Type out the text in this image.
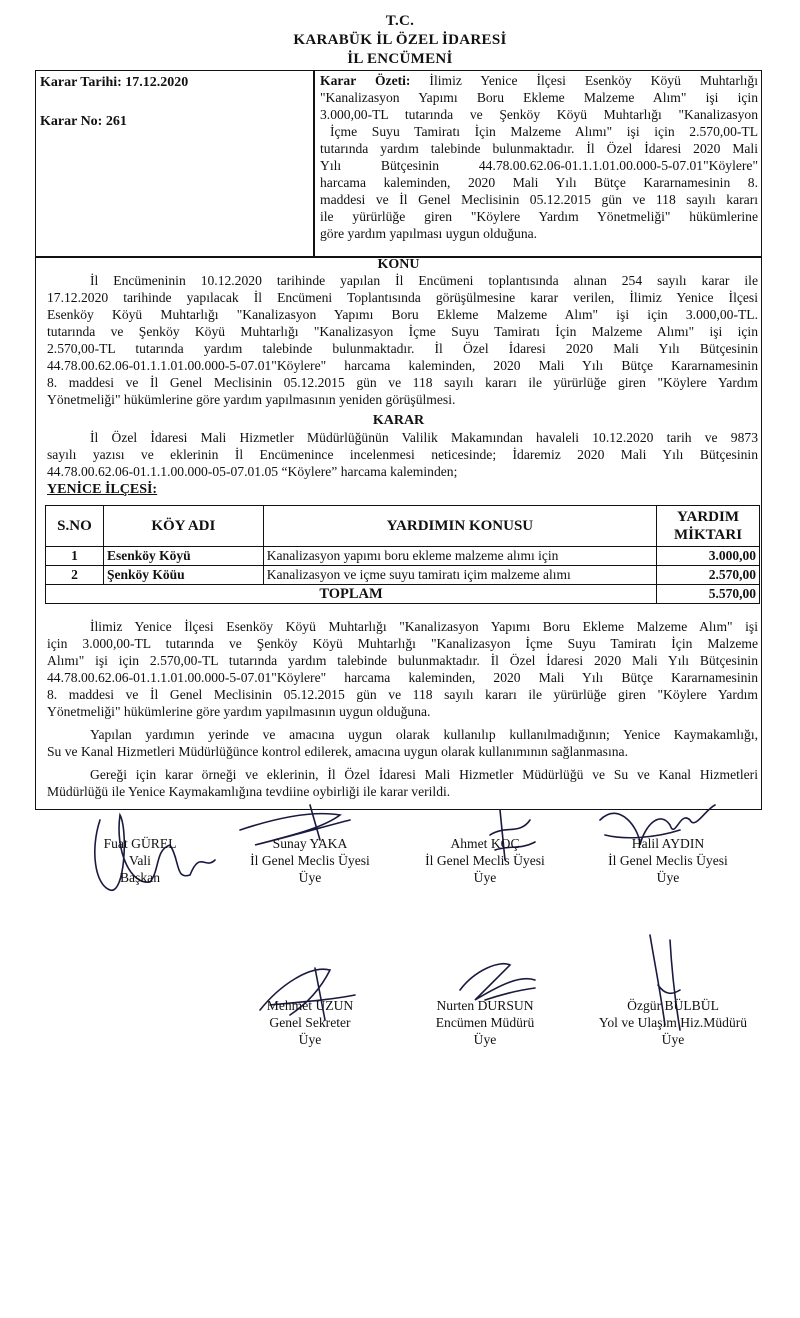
T.C.
KARABÜK İL ÖZEL İDARESİ
İL ENCÜMENİ
Karar Tarihi: 17.12.2020
Karar No: 261
Karar Özeti: İlimiz Yenice İlçesi Esenköy Köyü Muhtarlığı
"Kanalizasyon Yapımı Boru Ekleme Malzeme Alım" işi için
3.000,00-TL tutarında ve Şenköy Köyü Muhtarlığı "Kanalizasyon
İçme Suyu Tamiratı İçin Malzeme Alımı" işi için 2.570,00-TL
tutarında yardım talebinde bulunmaktadır. İl Özel İdaresi 2020 Mali
Yılı Bütçesinin 44.78.00.62.06-01.1.1.01.00.000-5-07.01"Köylere"
harcama kaleminden, 2020 Mali Yılı Bütçe Kararnamesinin 8.
maddesi ve İl Genel Meclisinin 05.12.2015 gün ve 118 sayılı kararı
ile yürürlüğe giren "Köylere Yardım Yönetmeliği" hükümlerine
göre yardım yapılması uygun olduğuna.
KONU
İl Encümeninin 10.12.2020 tarihinde yapılan İl Encümeni toplantısında alınan 254 sayılı karar ile
17.12.2020 tarihinde yapılacak İl Encümeni Toplantısında görüşülmesine karar verilen, İlimiz Yenice İlçesi
Esenköy Köyü Muhtarlığı "Kanalizasyon Yapımı Boru Ekleme Malzeme Alım" işi için 3.000,00-TL.
tutarında ve Şenköy Köyü Muhtarlığı "Kanalizasyon İçme Suyu Tamiratı İçin Malzeme Alımı" işi için
2.570,00-TL tutarında yardım talebinde bulunmaktadır. İl Özel İdaresi 2020 Mali Yılı Bütçesinin
44.78.00.62.06-01.1.1.01.00.000-5-07.01"Köylere" harcama kaleminden, 2020 Mali Yılı Bütçe Kararnamesinin
8. maddesi ve İl Genel Meclisinin 05.12.2015 gün ve 118 sayılı kararı ile yürürlüğe giren "Köylere Yardım
Yönetmeliği" hükümlerine göre yardım yapılmasının yeniden görüşülmesi.
KARAR
İl Özel İdaresi Mali Hizmetler Müdürlüğünün Valilik Makamından havaleli 10.12.2020 tarih ve 9873
sayılı yazısı ve eklerinin İl Encümenince incelenmesi neticesinde; İdaremiz 2020 Mali Yılı Bütçesinin
44.78.00.62.06-01.1.1.00.000-05-07.01.05 “Köylere” harcama kaleminden;
YENİCE İLÇESİ:
S.NO	KÖY ADI	YARDIMIN KONUSU	YARDIM
MİKTARI
1	Esenköy Köyü	Kanalizasyon yapımı boru ekleme malzeme alımı için	3.000,00
2	Şenköy Köüu	Kanalizasyon ve içme suyu tamiratı içim malzeme alımı	2.570,00
TOPLAM			5.570,00
İlimiz Yenice İlçesi Esenköy Köyü Muhtarlığı "Kanalizasyon Yapımı Boru Ekleme Malzeme Alım" işi
için 3.000,00-TL tutarında ve Şenköy Köyü Muhtarlığı "Kanalizasyon İçme Suyu Tamiratı İçin Malzeme
Alımı" işi için 2.570,00-TL tutarında yardım talebinde bulunmaktadır. İl Özel İdaresi 2020 Mali Yılı Bütçesinin
44.78.00.62.06-01.1.1.01.00.000-5-07.01"Köylere" harcama kaleminden, 2020 Mali Yılı Bütçe Kararnamesinin
8. maddesi ve İl Genel Meclisinin 05.12.2015 gün ve 118 sayılı kararı ile yürürlüğe giren "Köylere Yardım
Yönetmeliği" hükümlerine göre yardım yapılmasının uygun olduğuna.
Yapılan yardımın yerinde ve amacına uygun olarak kullanılıp kullanılmadığının; Yenice Kaymakamlığı,
Su ve Kanal Hizmetleri Müdürlüğünce kontrol edilerek, amacına uygun olarak kullanımının sağlanmasına.
Gereği için karar örneği ve eklerinin, İl Özel İdaresi Mali Hizmetler Müdürlüğü ve Su ve Kanal Hizmetleri
Müdürlüğü ile Yenice Kaymakamlığına tevdiine oybirliği ile karar verildi.
Fuat GÜREL
Vali
Başkan
Sunay YAKA
İl Genel Meclis Üyesi
Üye
Ahmet KOÇ
İl Genel Meclis Üyesi
Üye
Halil AYDIN
İl Genel Meclis Üyesi
Üye
Mehmet UZUN
Genel Sekreter
Üye
Nurten DURSUN
Encümen Müdürü
Üye
Özgür BÜLBÜL
Yol ve Ulaşım Hiz.Müdürü
Üye
